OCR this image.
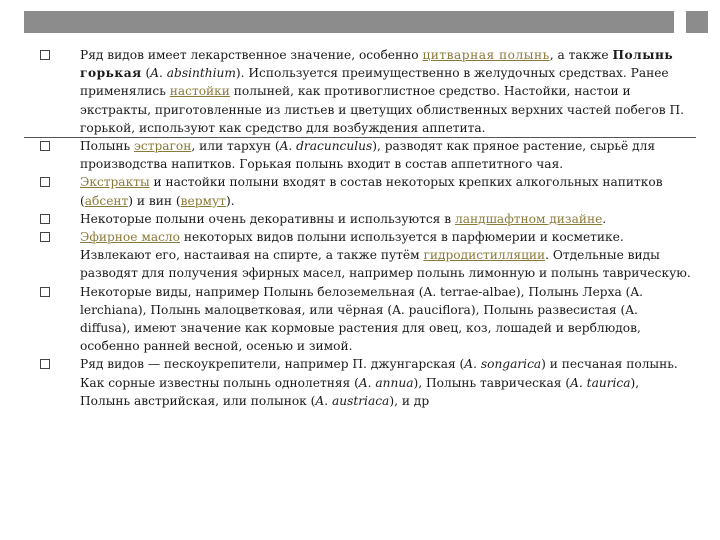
Ряд видов имеет лекарственное значение, особенно цитварная полынь, а также Полынь горькая (A. absinthium). Используется преимущественно в желудочных средствах. Ранее применялись настойки полыней, как противоглистное средство. Настойки, настои и экстракты, приготовленные из листьев и цветущих облиственных верхних частей побегов П. горькой, используют как средство для возбуждения аппетита.
Полынь эстрагон, или тархун (A. dracunculus), разводят как пряное растение, сырьё для производства напитков. Горькая полынь входит в состав аппетитного чая.
Экстракты и настойки полыни входят в состав некоторых крепких алкогольных напитков (абсент) и вин (вермут).
Некоторые полыни очень декоративны и используются в ландшафтном дизайне.
Эфирное масло некоторых видов полыни используется в парфюмерии и косметике. Извлекают его, настаивая на спирте, а также путём гидродистилляции. Отдельные виды разводят для получения эфирных масел, например полынь лимонную и полынь таврическую.
Некоторые виды, например Полынь белоземельная (A. terrae-albae), Полынь Лерха (A. lerchiana), Полынь малоцветковая, или чёрная (A. pauciflora), Полынь развесистая (A. diffusa), имеют значение как кормовые растения для овец, коз, лошадей и верблюдов, особенно ранней весной, осенью и зимой.
Ряд видов — пескоукрепители, например П. джунгарская (A. songarica) и песчаная полынь. Как сорные известны полынь однолетняя (A. annua), Полынь таврическая (A. taurica), Полынь австрийская, или полынок (A. austriaca), и др
